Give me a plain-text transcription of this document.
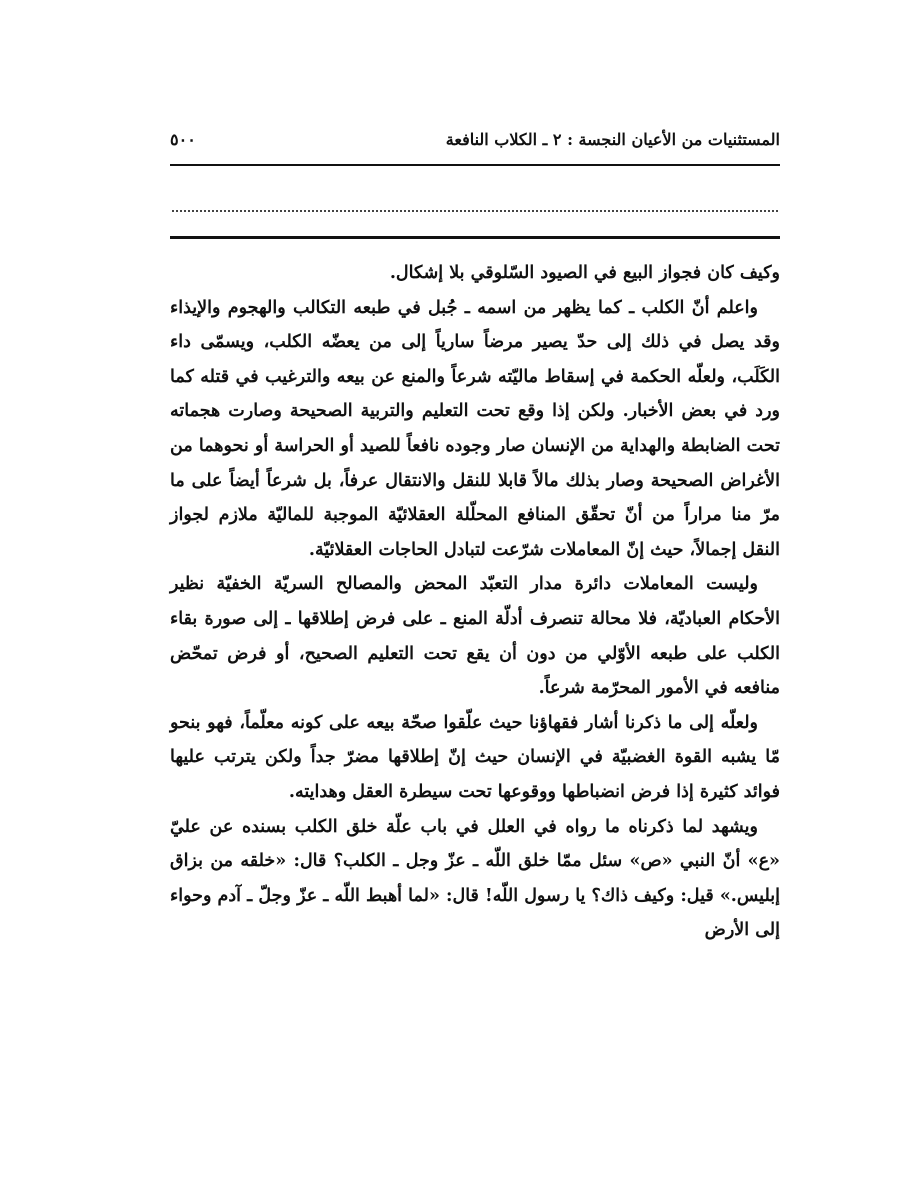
المستثنيات من الأعيان النجسة : ٢ ـ الكلاب النافعة
٥٠٠

وكيف كان فجواز البيع في الصيود السّلوقي بلا إشكال.

واعلم أنّ الكلب ـ كما يظهر من اسمه ـ جُبل في طبعه التكالب والهجوم والإيذاء وقد يصل في ذلك إلى حدّ يصير مرضاً سارياً إلى من يعضّه الكلب، ويسمّى داء الكَلَب، ولعلّه الحكمة في إسقاط ماليّته شرعاً والمنع عن بيعه والترغيب في قتله كما ورد في بعض الأخبار. ولكن إذا وقع تحت التعليم والتربية الصحيحة وصارت هجماته تحت الضابطة والهداية من الإنسان صار وجوده نافعاً للصيد أو الحراسة أو نحوهما من الأغراض الصحيحة وصار بذلك مالاً قابلا للنقل والانتقال عرفاً، بل شرعاً أيضاً على ما مرّ منا مراراً من أنّ تحقّق المنافع المحلّلة العقلائيّة الموجبة للماليّة ملازم لجواز النقل إجمالاً، حيث إنّ المعاملات شرّعت لتبادل الحاجات العقلائيّة.

وليست المعاملات دائرة مدار التعبّد المحض والمصالح السريّة الخفيّة نظير الأحكام العباديّة، فلا محالة تنصرف أدلّة المنع ـ على فرض إطلاقها ـ إلى صورة بقاء الكلب على طبعه الأوّلي من دون أن يقع تحت التعليم الصحيح، أو فرض تمحّض منافعه في الأمور المحرّمة شرعاً.

ولعلّه إلى ما ذكرنا أشار فقهاؤنا حيث علّقوا صحّة بيعه على كونه معلّماً، فهو بنحو مّا يشبه القوة الغضبيّة في الإنسان حيث إنّ إطلاقها مضرّ جداً ولكن يترتب عليها فوائد كثيرة إذا فرض انضباطها ووقوعها تحت سيطرة العقل وهدايته.

ويشهد لما ذكرناه ما رواه في العلل في باب علّة خلق الكلب بسنده عن عليّ «ع» أنّ النبي «ص» سئل ممّا خلق اللّه ـ عزّ وجل ـ الكلب؟ قال: «خلقه من بزاق إبليس.» قيل: وكيف ذاك؟ يا رسول اللّه! قال: «لما أهبط اللّه ـ عزّ وجلّ ـ آدم وحواء إلى الأرض
